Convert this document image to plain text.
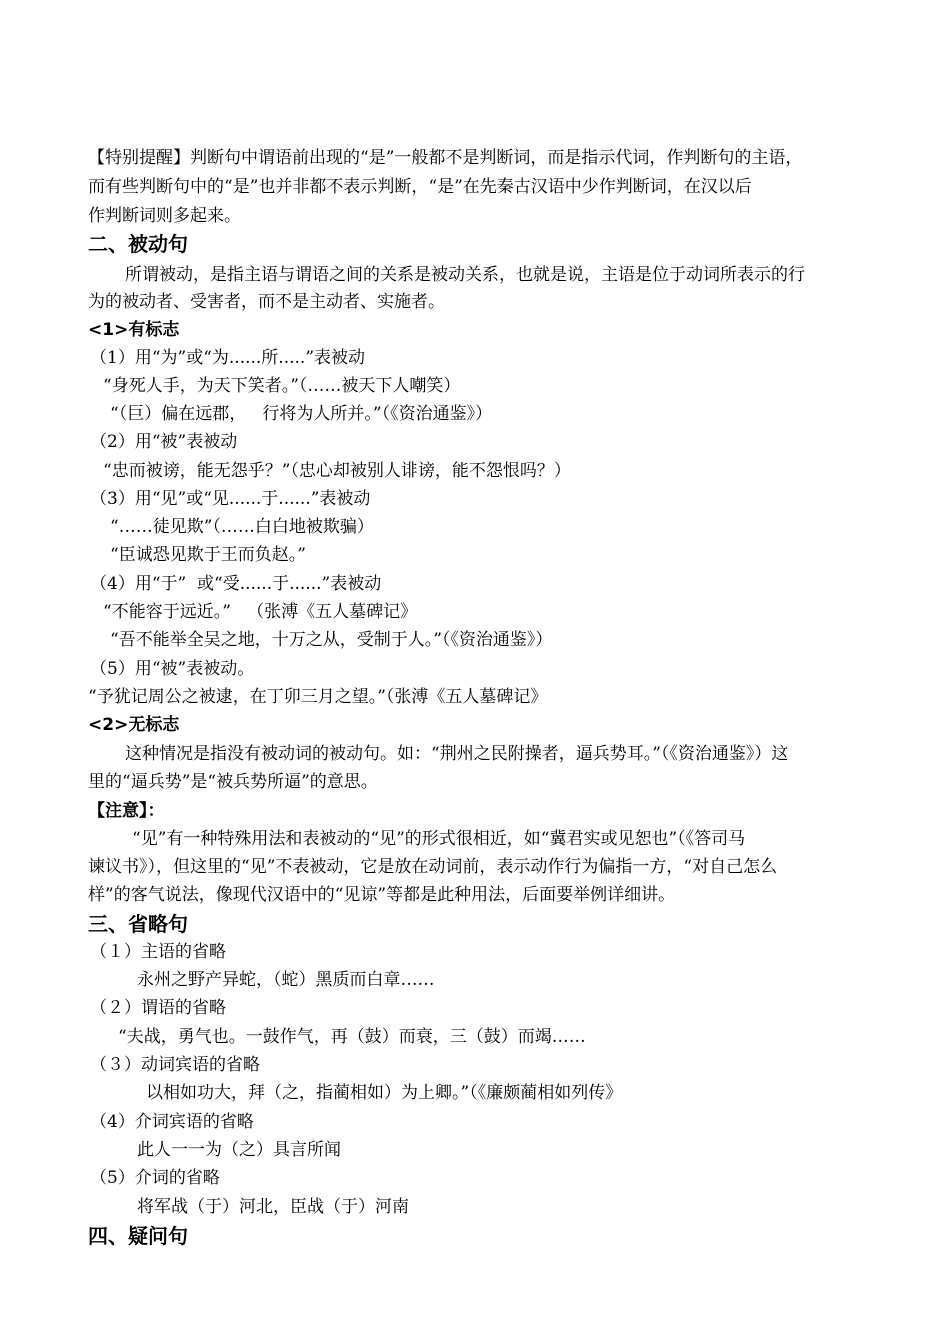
【特别提醒】判断句中谓语前出现的“是”一般都不是判断词，而是指示代词，作判断句的主语，
而有些判断句中的“是”也并非都不表示判断，“是”在先秦古汉语中少作判断词，在汉以后
作判断词则多起来。
二、被动句
所谓被动，是指主语与谓语之间的关系是被动关系，也就是说，主语是位于动词所表示的行
为的被动者、受害者，而不是主动者、实施者。
<1>有标志
（1）用“为”或“为......所.....”表被动
“身死人手，为天下笑者。”（……被天下人嘲笑）
“（巨）偏在远郡，   行将为人所并。”（《资治通鉴》）
（2）用“被”表被动
“忠而被谤，能无怨乎？”（忠心却被别人诽谤，能不怨恨吗？）
（3）用“见”或“见......于......”表被动
“……徒见欺”（……白白地被欺骗）
“臣诚恐见欺于王而负赵。”
（4）用“于”  或“受......于......”表被动
“不能容于远近。”   （张溥《五人墓碑记》
“吾不能举全吴之地，十万之从，受制于人。”（《资治通鉴》）
（5）用“被”表被动。
“予犹记周公之被逮，在丁卯三月之望。”（张溥《五人墓碑记》
<2>无标志
这种情况是指没有被动词的被动句。如：“荆州之民附操者，逼兵势耳。”（《资治通鉴》）这
里的“逼兵势”是“被兵势所逼”的意思。
【注意】：
“见”有一种特殊用法和表被动的“见”的形式很相近，如“冀君实或见恕也”（《答司马
谏议书》），但这里的“见”不表被动，它是放在动词前，表示动作行为偏指一方，“对自己怎么
样”的客气说法，像现代汉语中的“见谅”等都是此种用法，后面要举例详细讲。
三、省略句
（１）主语的省略
永州之野产异蛇，（蛇）黑质而白章……
（２）谓语的省略
“夫战，勇气也。一鼓作气，再（鼓）而衰，三（鼓）而竭……
（３）动词宾语的省略
以相如功大，拜（之，指蔺相如）为上卿。”（《廉颇蔺相如列传》
（4）介词宾语的省略
此人一一为（之）具言所闻
（5）介词的省略
将军战（于）河北，臣战（于）河南
四、疑问句
